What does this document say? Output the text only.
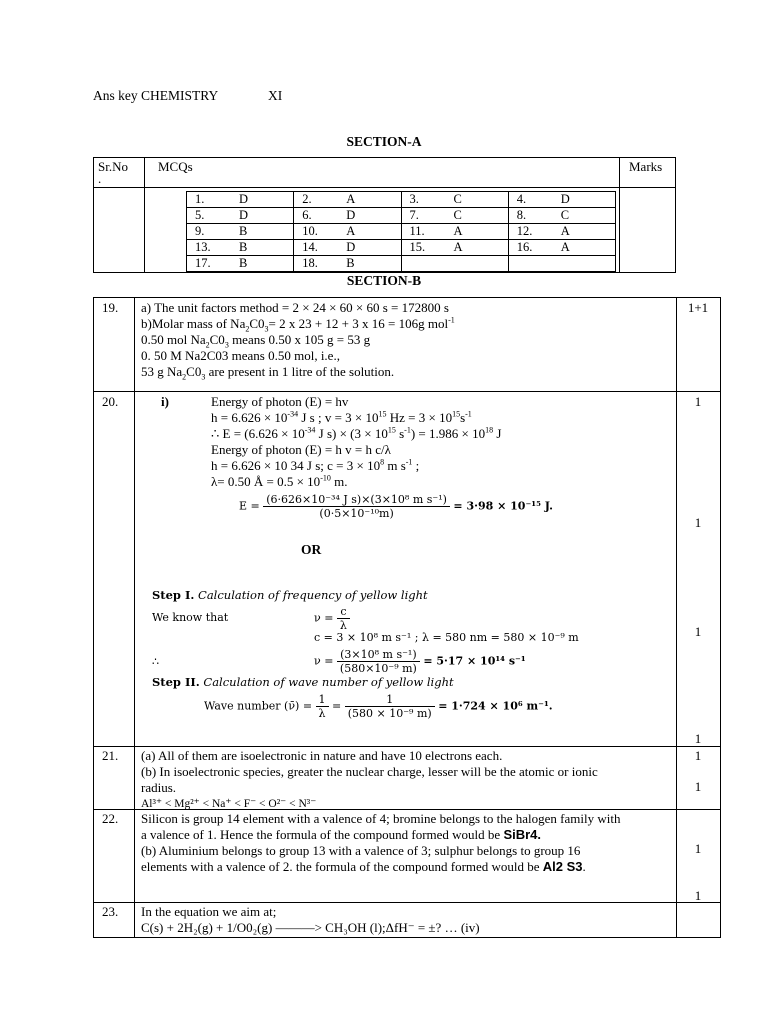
Ans key CHEMISTRY	XI
SECTION-A
Sr.No
.
MCQs	Marks
1. D	2. A	3. C	4. D

5. D	6. D	7. C	8. C

9. B	10. A	11. A	12. A

13. B	14. D	15. A	16. A

17. B	18. B		

SECTION-B
19. a) The unit factors method = 2 × 24 × 60 × 60 s = 172800 s
b)Molar mass of $Na_2C0_3= 2$ x 23 + 12 + 3 x 16 = 106g mol$^{-1}$
0.50 mol $Na_2C0_3$ means 0.50 x 105 g = 53 g
0. 50 M Na2C03 means 0.50 mol, i.e.,
53 g $Na_2C0_3$ are present in 1 litre of the solution.
1+1
20.	i)	Energy of photon (E) = hv
$h = 6.626 \times 10^{-34}$ J s ; $v = 3 \times 10^{15}$ $Hz = 3 \times 10^{15}s^{-1}$
∴ $E = (6.626 \times 10^{-34}$ J $s) \times (3 \times 10^{15}$ $s^{-1}) = 1.986 \times 10^{18}$ J
Energy of photon (E) = h v = h c/λ
h = 6.626 × 10 34 J s; $c = 3 \times 10^8$ m $s^{-1}$ ;
λ= 0.50 Å = $0.5 \times 10^{-10}$ m.
$E = \frac{\text{(6·626×10⁻³⁴ J s)×(3×10⁸ m s⁻¹)}}{\text{(0·5×10⁻¹⁰m)}} = 3\cdot 98 \times 10^{-15}$ J.
OR
Step I. Calculation of frequency of yellow light
We know that	$\nu = \frac{c}{\lambda}$
c = 3 × 10⁸ m s⁻¹ ; λ = 580 nm = 580 × 10⁻⁹ m
∴	$\nu = \frac{\text{(3×10⁸ m s⁻¹)}}{\text{(580×10⁻⁹ m)}} = 5\cdot 17 \times 10^{14}$ s⁻¹
Step II. Calculation of wave number of yellow light
Wave number (ν̄) = $\frac{1}{\lambda} = \frac{1}{\text{(580 × 10⁻⁹ m)}} = 1\cdot 724 \times 10^6$ m⁻¹.
1
1
1
1
21. (a) All of them are isoelectronic in nature and have 10 electrons each.
(b) In isoelectronic species, greater the nuclear charge, lesser will be the atomic or ionic
radius.
Al³⁺ < Mg²⁺ < Na⁺ < F⁻ < O²⁻ < N³⁻
1
1
22. Silicon is group 14 element with a valence of 4; bromine belongs to the halogen family with
a valence of 1. Hence the formula of the compound formed would be SiBr4.
(b) Aluminium belongs to group 13 with a valence of 3; sulphur belongs to group 16
elements with a valence of 2. the formula of the compound formed would be Al2 S3.
1
1
23. In the equation we aim at;
C(s) + 2H₂(g) + 1/O0₂(g) ———> CH₃OH (l);ΔfH⁻ = ±? … (iv)
